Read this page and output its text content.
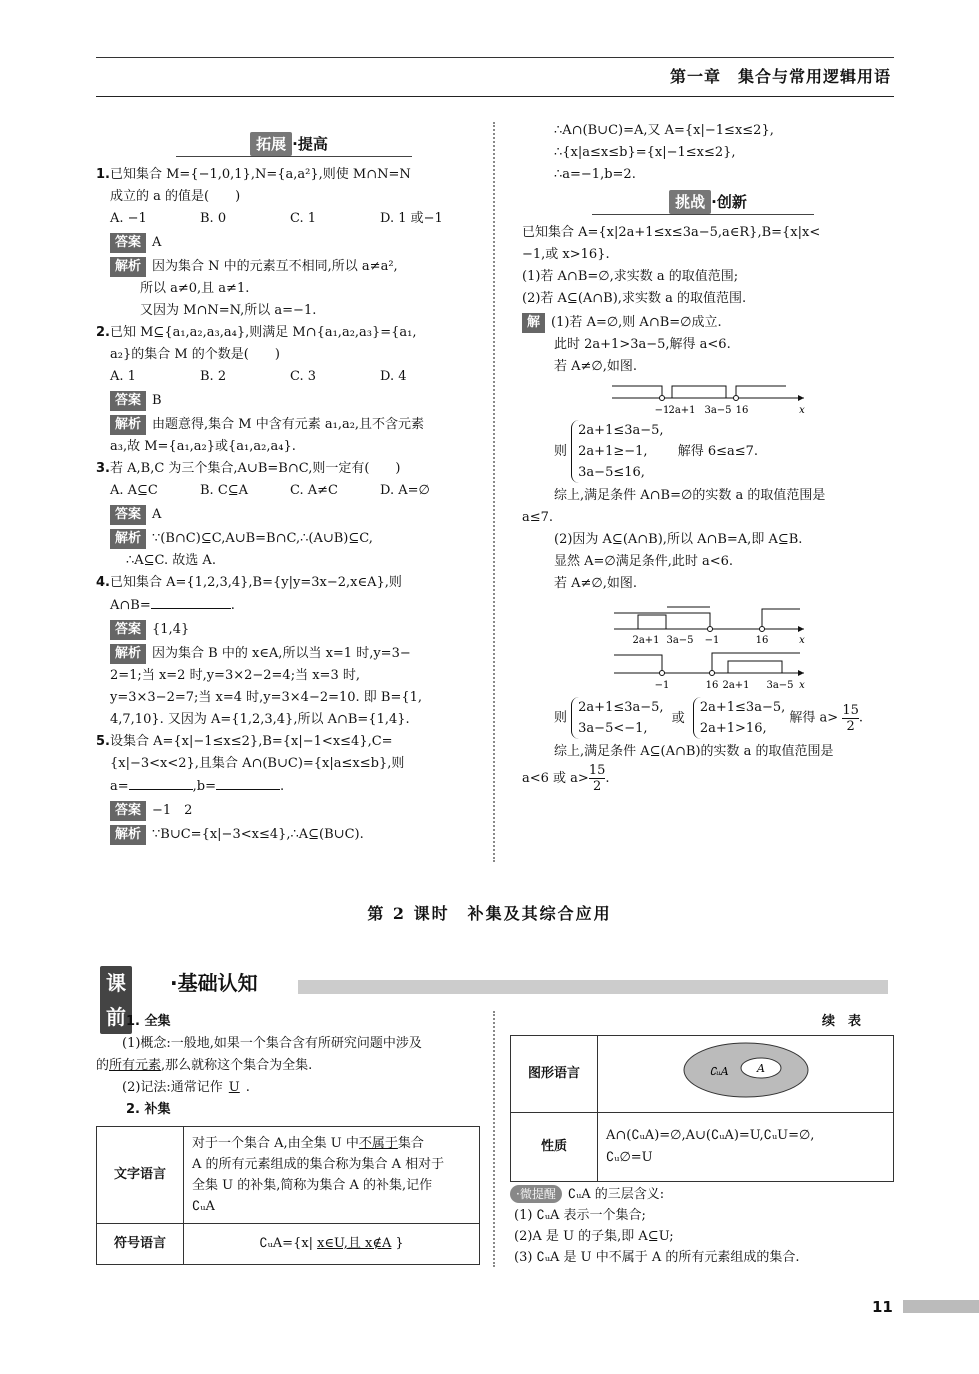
第一章　集合与常用逻辑用语
拓展 ·提高

1.已知集合 M={−1,0,1},N={a,a²},则使 M∩N=N

成立的 a 的值是(　　)

A. −1	B. 0	C. 1	D. 1 或−1

答案 A

解析 因为集合 N 中的元素互不相同,所以 a≠a²,

所以 a≠0,且 a≠1.

又因为 M∩N=N,所以 a=−1.

2.已知 M⊆{a₁,a₂,a₃,a₄},则满足 M∩{a₁,a₂,a₃}={a₁,

a₂}的集合 M 的个数是(　　)

A. 1	B. 2	C. 3	D. 4

答案 B

解析 由题意得,集合 M 中含有元素 a₁,a₂,且不含元素

a₃,故 M={a₁,a₂}或{a₁,a₂,a₄}.

3.若 A,B,C 为三个集合,A∪B=B∩C,则一定有(　　)

A. A⊆C	B. C⊆A	C. A≠C	D. A=∅

答案 A

解析 ∵(B∩C)⊆C,A∪B=B∩C,∴(A∪B)⊆C,

∴A⊆C. 故选 A.

4.已知集合 A={1,2,3,4},B={y|y=3x−2,x∈A},则

A∩B=	.

答案 {1,4}

解析 因为集合 B 中的 x∈A,所以当 x=1 时,y=3−

2=1;当 x=2 时,y=3×2−2=4;当 x=3 时,

y=3×3−2=7;当 x=4 时,y=3×4−2=10. 即 B={1,

4,7,10}. 又因为 A={1,2,3,4},所以 A∩B={1,4}.

5.设集合 A={x|−1≤x≤2},B={x|−1<x≤4},C=

{x|−3<x<2},且集合 A∩(B∪C)={x|a≤x≤b},则

a=	,b=	.

答案 −1　2

解析 ∵B∪C={x|−3<x≤4},∴A⊆(B∪C).

∴A∩(B∪C)=A,又 A={x|−1≤x≤2},

∴{x|a≤x≤b}={x|−1≤x≤2},

∴a=−1,b=2.

挑战 ·创新

已知集合 A={x|2a+1≤x≤3a−5,a∈R},B={x|x<

−1,或 x>16}.

(1)若 A∩B=∅,求实数 a 的取值范围;

(2)若 A⊆(A∩B),求实数 a 的取值范围.

解 (1)若 A=∅,则 A∩B=∅成立.

此时 2a+1>3a−5,解得 a<6.

若 A≠∅,如图.

−1 2a+1 3a−5 16	x
则
2a+1≤3a−5,
2a+1≥−1,
3a−5≤16,
解得 6≤a≤7.

综上,满足条件 A∩B=∅的实数 a 的取值范围是

a≤7.

(2)因为 A⊆(A∩B),所以 A∩B=A,即 A⊆B.

显然 A=∅满足条件,此时 a<6.

若 A≠∅,如图.

2a+1 3a−5 −1	16	x
−1	16 2a+1 3a−5 x
则
2a+1≤3a−5,
3a−5<−1,
或
2a+1≤3a−5,
2a+1>16,
解得 $a> \frac{15}{2}$ .

综上,满足条件 A⊆(A∩B)的实数 a 的取值范围是

a<6 或 $a> \frac{15}{2}$ .

第 2 课时　补集及其综合应用
课前
·基础认知

1. 全集

(1)概念:一般地,如果一个集合含有所研究问题中涉及

的所有元素,那么就称这个集合为全集.

(2)记法:通常记作 U .

2. 补集

文字语言	对于一个集合 A,由全集 U 中不属于集合
A 的所有元素组成的集合称为集合 A 相对于
全集 U 的补集,简称为集合 A 的补集,记作
∁ᵤA
符号语言	∁ᵤA={x| x∈U,且 x∉A }
续　表
图形语言	∁ᵤA A

性质	A∩(∁ᵤA)=∅,A∪(∁ᵤA)=U,∁ᵤU=∅,
∁ᵤ∅=U

·微提醒 ∁ᵤA 的三层含义:

(1) ∁ᵤA 表示一个集合;

(2)A 是 U 的子集,即 A⊆U;

(3) ∁ᵤA 是 U 中不属于 A 的所有元素组成的集合.

11
